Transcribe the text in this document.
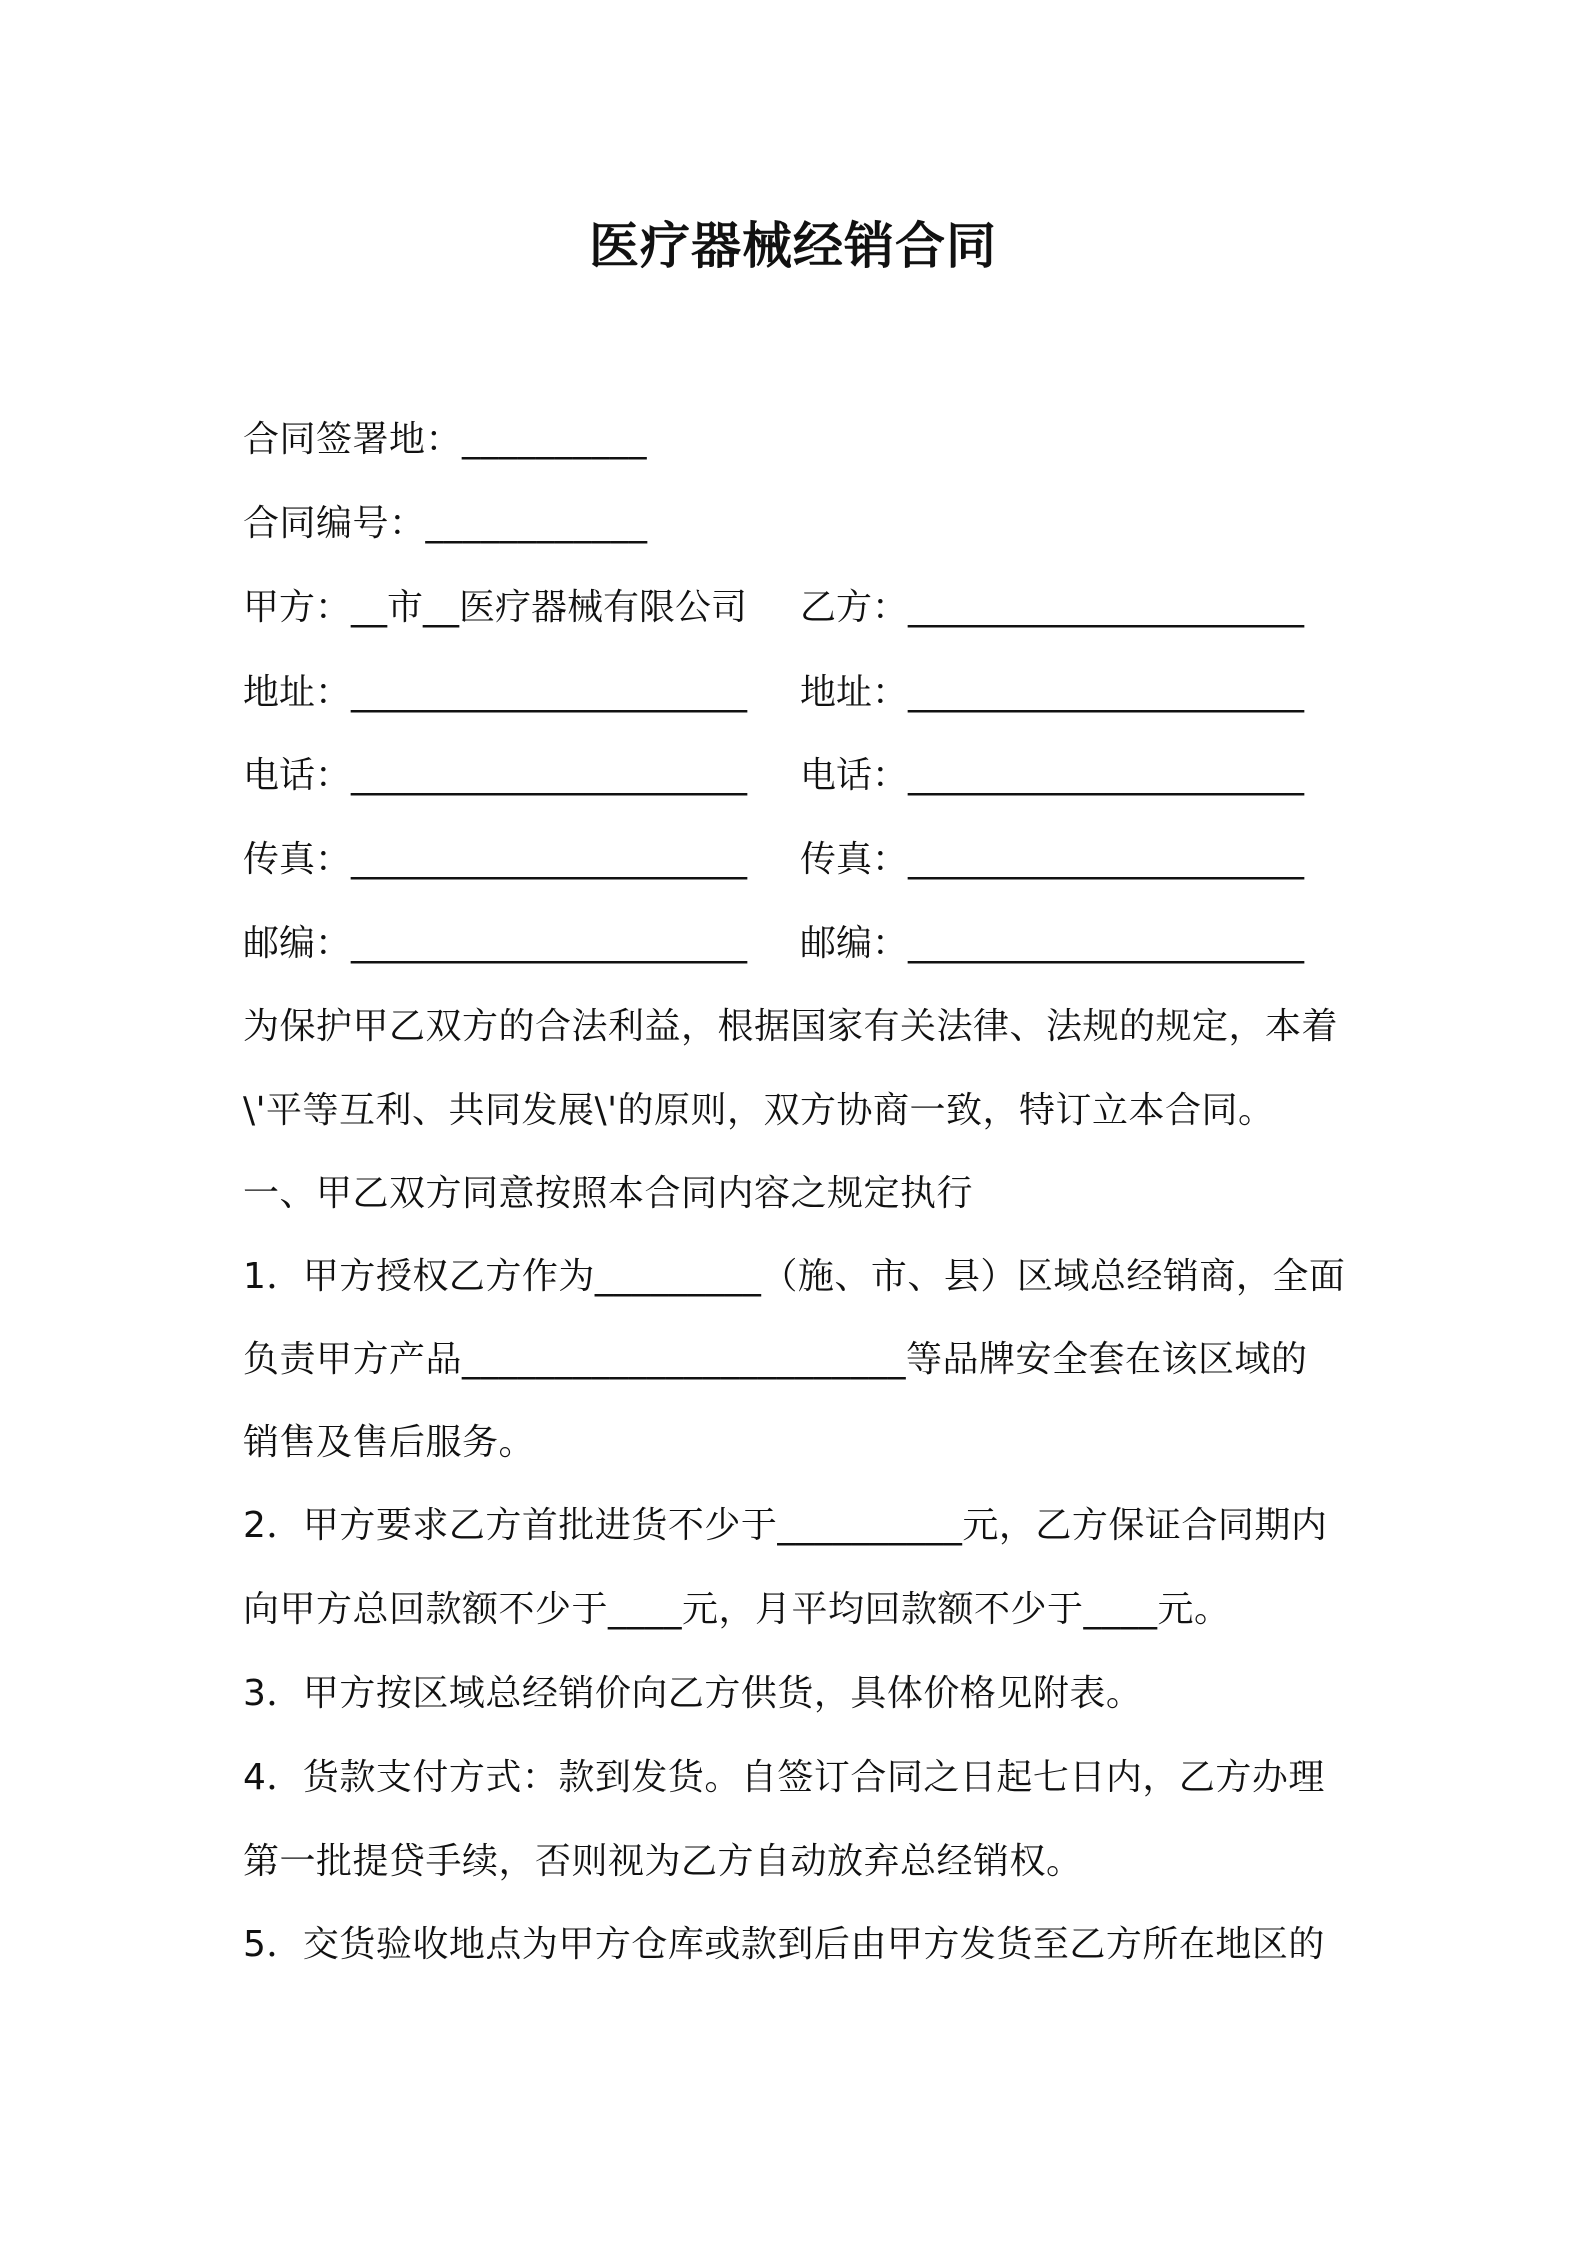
医疗器械经销合同
合同签署地：__________
合同编号：____________
甲方：__市__医疗器械有限公司 乙方：______________________
地址：______________________ 地址：______________________
电话：______________________ 电话：______________________
传真：______________________ 传真：______________________
邮编：______________________ 邮编：______________________
为保护甲乙双方的合法利益，根据国家有关法律、法规的规定，本着
\'平等互利、共同发展\'的原则，双方协商一致，特订立本合同。
一、甲乙双方同意按照本合同内容之规定执行
1．甲方授权乙方作为_________（施、市、县）区域总经销商，全面
负责甲方产品________________________等品牌安全套在该区域的
销售及售后服务。
2．甲方要求乙方首批进货不少于__________元，乙方保证合同期内
向甲方总回款额不少于____元，月平均回款额不少于____元。
3．甲方按区域总经销价向乙方供货，具体价格见附表。
4．货款支付方式：款到发货。自签订合同之日起七日内，乙方办理
第一批提贷手续，否则视为乙方自动放弃总经销权。
5．交货验收地点为甲方仓库或款到后由甲方发货至乙方所在地区的
